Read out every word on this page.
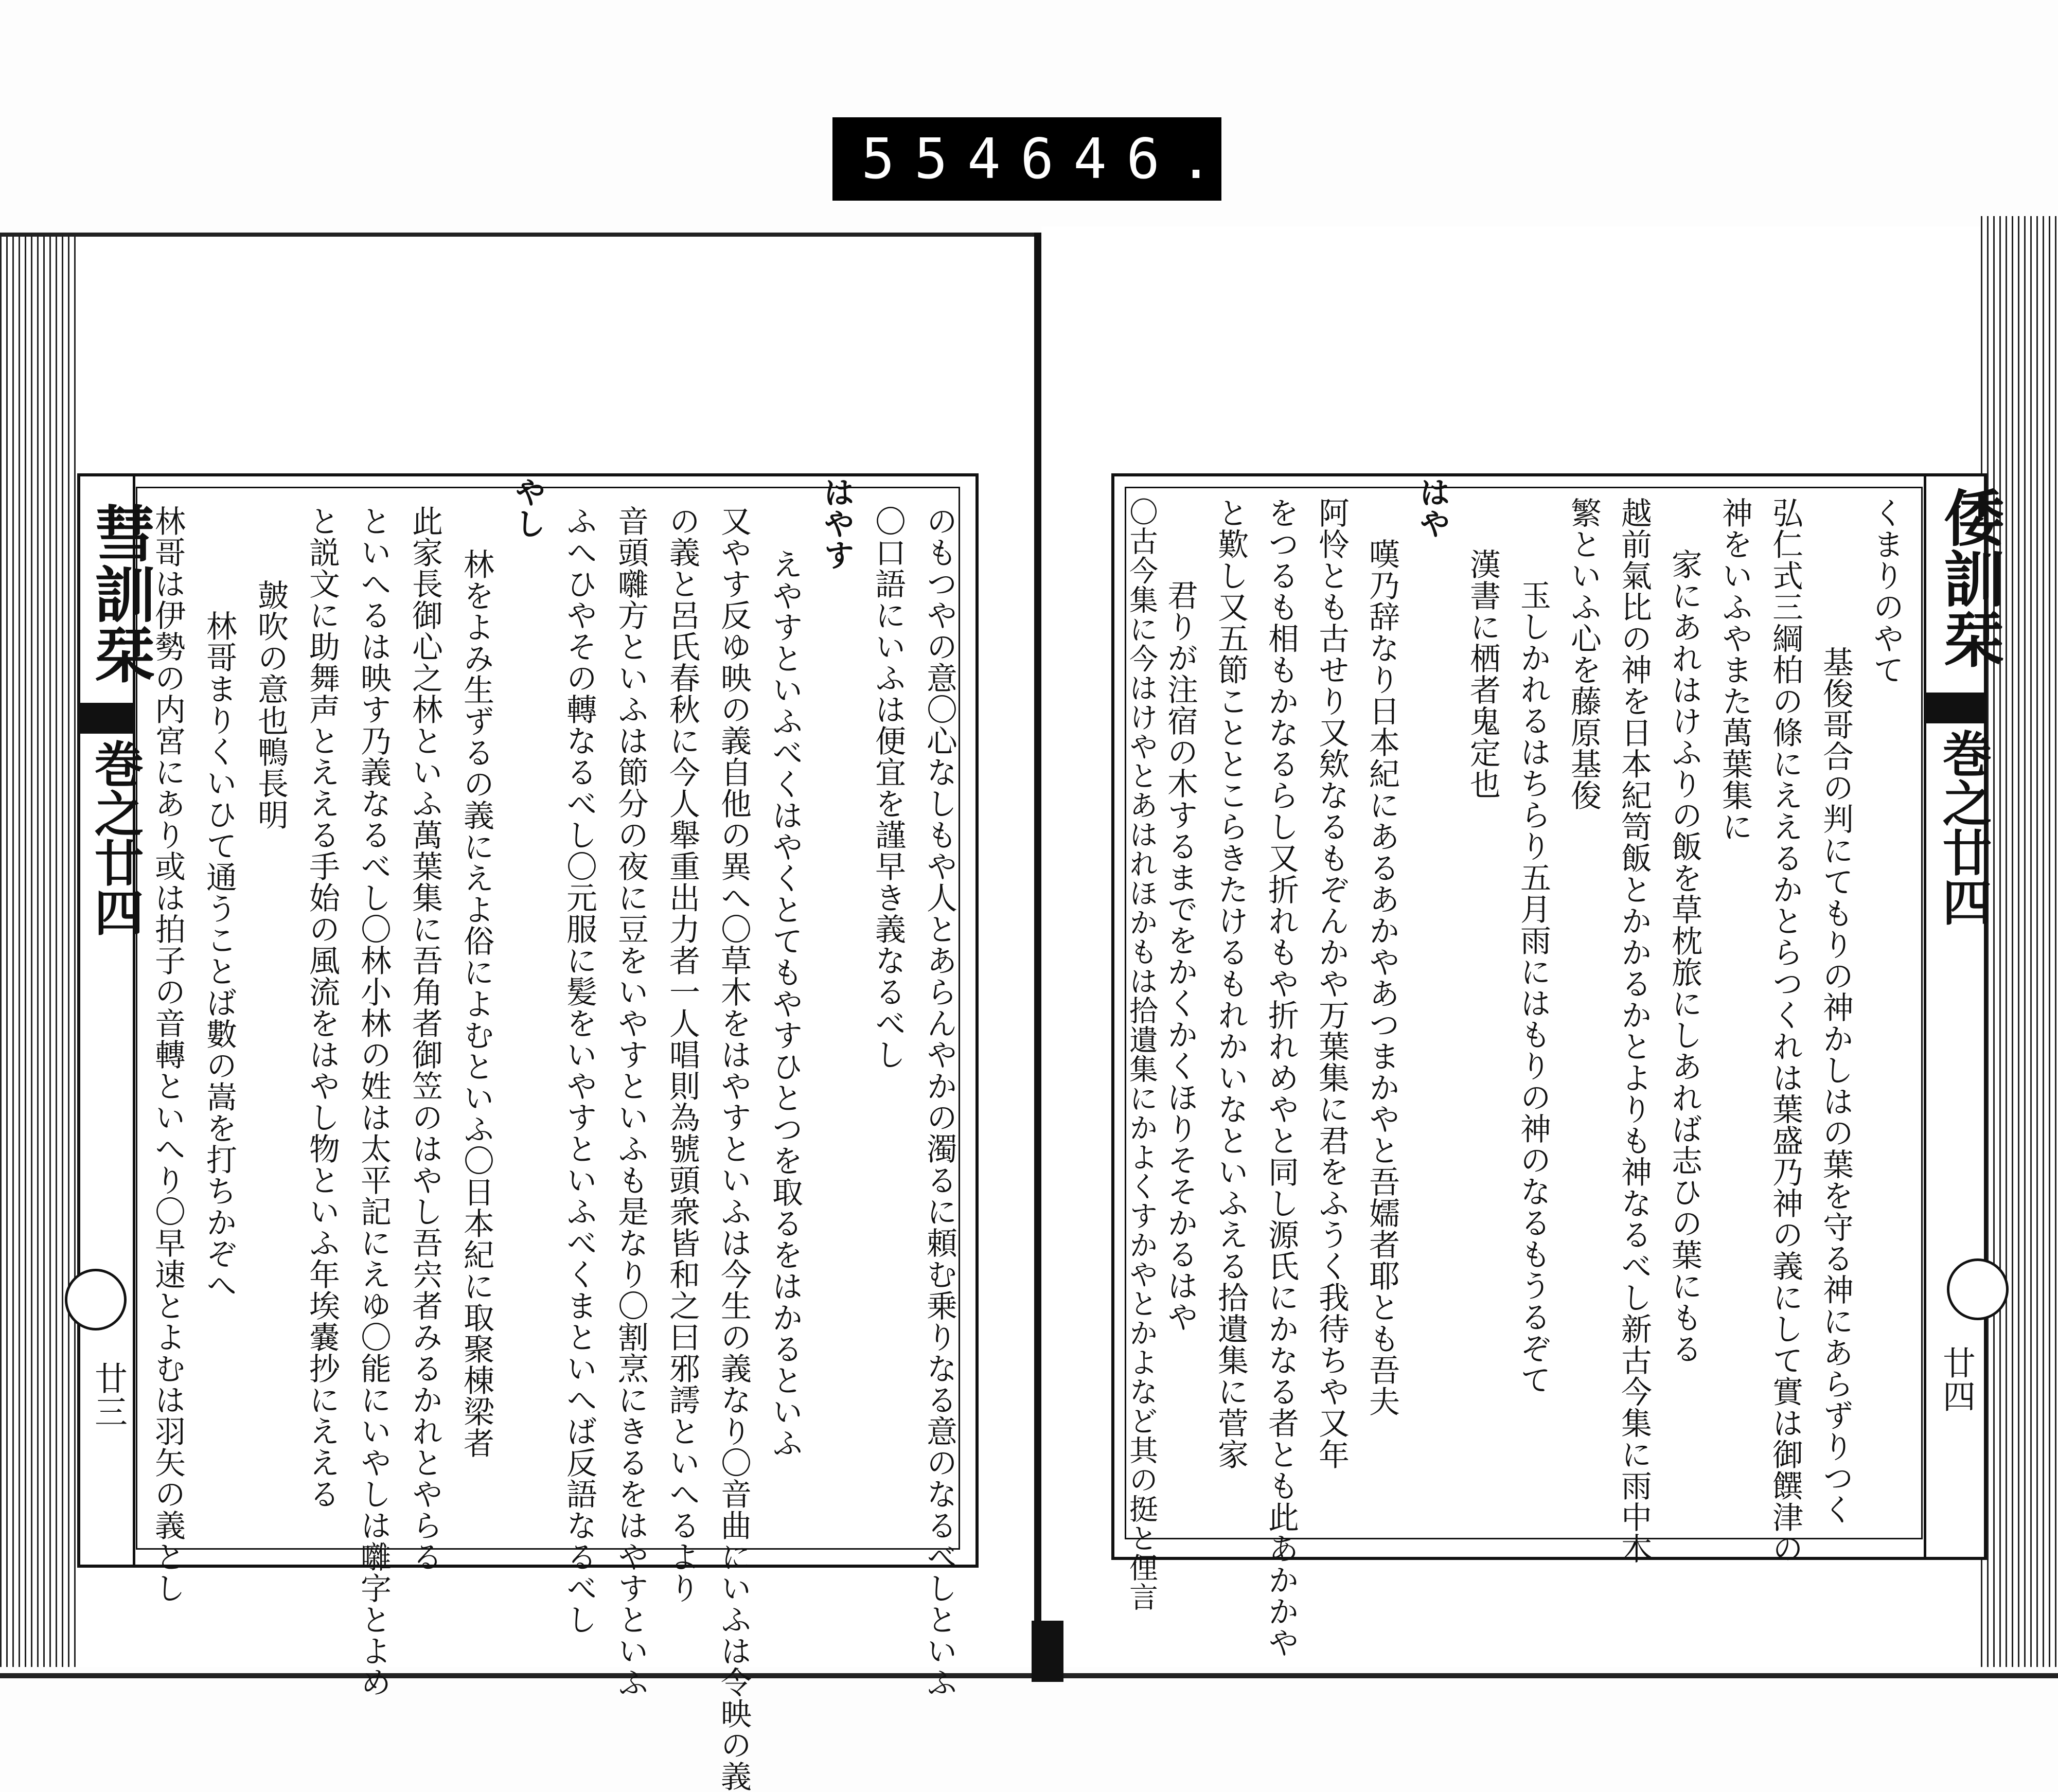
554 646.
彗訓栞
巻之廿四
廿三	のもつやの意〇心なしもや人とあらんやかの濁るに頼む乗りなる意のなるべしといふ
〇口語にいふは便宜を謹早き義なるべし
はやす
えやすといふべくはやくとてもやすひとつを取るをはかるといふ
又やす反ゆ映の義自他の異へ〇草木をはやすといふは今生の義なり〇音曲にいふは令映の義
の義と呂氏春秋に今人舉重出力者一人唱則為號頭衆皆和之曰邪謣といへるより
音頭囃方といふは節分の夜に豆をいやすといふも是なり〇割烹にきるをはやすといふ
ふへひやその轉なるべし〇元服に髪をいやすといふべくまといへば反語なるべし
やし
林をよみ生ずるの義にえよ俗によむといふ〇日本紀に取聚棟梁者
此家長御心之林といふ萬葉集に吾角者御笠のはやし吾宍者みるかれとやらる
といへるは映す乃義なるべし〇林小林の姓は太平記にえゆ〇能にいやしは囃字とよめ
と説文に助舞声とええる手始の風流をはやし物といふ年埃嚢抄にええる
皷吹の意也鴨長明
林哥まりくいひて通うことば數の嵩を打ちかぞへ
林哥は伊勢の内宮にあり或は拍子の音轉といへり〇早速とよむは羽矢の義とし	くまりのやて
基俊哥合の判にてもりの神かしはの葉を守る神にあらずりつく
弘仁式三綱柏の條にええるかとらつくれは葉盛乃神の義にして實は御饌津の
神をいふやまた萬葉集に
家にあれはけふりの飯を草枕旅にしあれば志ひの葉にもる
越前氣比の神を日本紀笥飯とかかるかとよりも神なるべし新古今集に雨中木
繁といふ心を藤原基俊
玉しかれるはちらり五月雨にはもりの神のなるもうるぞて
漢書に栖者鬼定也
はや
嘆乃辞なり日本紀にあるあかやあつまかやと吾嬬者耶とも吾夫
阿怜とも古せり又欸なるもぞんかや万葉集に君をふうく我待ちや又年
をつるも相もかなるらし又折れもや折れめやと同し源氏にかなる者とも此あかかや
と歎し又五節こととこらきたけるもれかいなといふえる拾遺集に菅家
君りが注宿の木するまでをかくかくほりそそかるはや
〇古今集に今はけやとあはれほかもは拾遺集にかよくすかやとかよなど其の挺と俚言	倭訓栞
巻之廿四
廿四
